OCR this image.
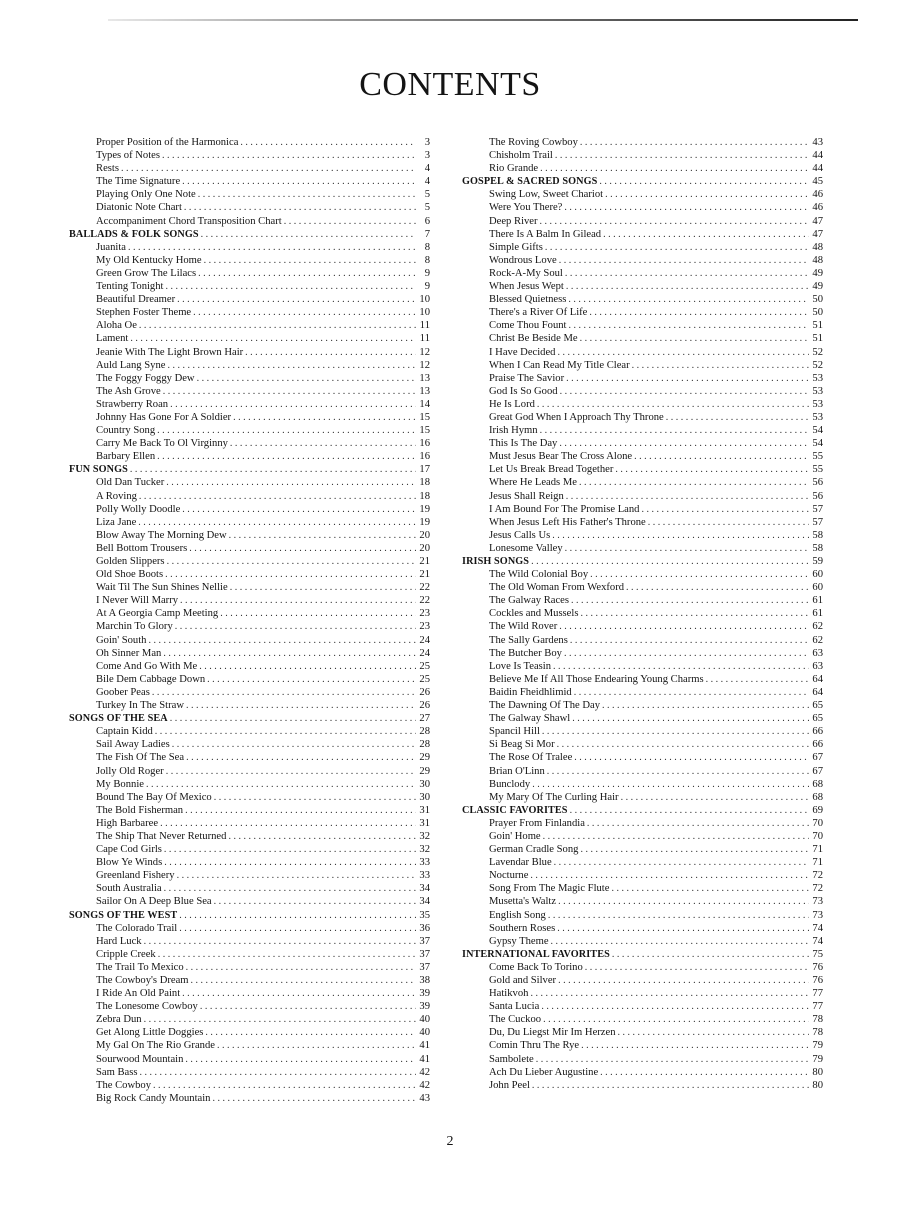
CONTENTS
Proper Position of the Harmonica . . .	3
Types of Notes . . .	3
Rests . . .	4
The Time Signature . . .	4
Playing Only One Note . . .	5
Diatonic Note Chart . . .	5
Accompaniment Chord Transposition Chart . . .	6
BALLADS & FOLK SONGS . . .	7
Juanita . . .	8
My Old Kentucky Home . . .	8
Green Grow The Lilacs . . .	9
Tenting Tonight . . .	9
Beautiful Dreamer . . .	10
Stephen Foster Theme . . .	10
Aloha Oe . . .	11
Lament . . .	11
Jeanie With The Light Brown Hair . . .	12
Auld Lang Syne . . .	12
The Foggy Foggy Dew . . .	13
The Ash Grove . . .	13
Strawberry Roan . . .	14
Johnny Has Gone For A Soldier . . .	15
Country Song . . .	15
Carry Me Back To Ol Virginny . . .	16
Barbary Ellen . . .	16
FUN SONGS . . .	17
Old Dan Tucker . . .	18
A Roving . . .	18
Polly Wolly Doodle . . .	19
Liza Jane . . .	19
Blow Away The Morning Dew . . .	20
Bell Bottom Trousers . . .	20
Golden Slippers . . .	21
Old Shoe Boots . . .	21
Wait Til The Sun Shines Nellie . . .	22
I Never Will Marry . . .	22
At A Georgia Camp Meeting . . .	23
Marchin To Glory . . .	23
Goin' South . . .	24
Oh Sinner Man . . .	24
Come And Go With Me . . .	25
Bile Dem Cabbage Down . . .	25
Goober Peas . . .	26
Turkey In The Straw . . .	26
SONGS OF THE SEA . . .	27
Captain Kidd . . .	28
Sail Away Ladies . . .	28
The Fish Of The Sea . . .	29
Jolly Old Roger . . .	29
My Bonnie . . .	30
Bound The Bay Of Mexico . . .	30
The Bold Fisherman . . .	31
High Barbaree . . .	31
The Ship That Never Returned . . .	32
Cape Cod Girls . . .	32
Blow Ye Winds . . .	33
Greenland Fishery . . .	33
South Australia . . .	34
Sailor On A Deep Blue Sea . . .	34
SONGS OF THE WEST . . .	35
The Colorado Trail . . .	36
Hard Luck . . .	37
Cripple Creek . . .	37
The Trail To Mexico . . .	37
The Cowboy's Dream . . .	38
I Ride An Old Paint . . .	39
The Lonesome Cowboy . . .	39
Zebra Dun . . .	40
Get Along Little Doggies . . .	40
My Gal On The Rio Grande . . .	41
Sourwood Mountain . . .	41
Sam Bass . . .	42
The Cowboy . . .	42
Big Rock Candy Mountain . . .	43
The Roving Cowboy . . .	43
Chisholm Trail . . .	44
Rio Grande . . .	44
GOSPEL & SACRED SONGS . . .	45
Swing Low, Sweet Chariot . . .	46
Were You There? . . .	46
Deep River . . .	47
There Is A Balm In Gilead . . .	47
Simple Gifts . . .	48
Wondrous Love . . .	48
Rock-A-My Soul . . .	49
When Jesus Wept . . .	49
Blessed Quietness . . .	50
There's a River Of Life . . .	50
Come Thou Fount . . .	51
Christ Be Beside Me . . .	51
I Have Decided . . .	52
When I Can Read My Title Clear . . .	52
Praise The Savior . . .	53
God Is So Good . . .	53
He Is Lord . . .	53
Great God When I Approach Thy Throne . . .	53
Irish Hymn . . .	54
This Is The Day . . .	54
Must Jesus Bear The Cross Alone . . .	55
Let Us Break Bread Together . . .	55
Where He Leads Me . . .	56
Jesus Shall Reign . . .	56
I Am Bound For The Promise Land . . .	57
When Jesus Left His Father's Throne . . .	57
Jesus Calls Us . . .	58
Lonesome Valley . . .	58
IRISH SONGS . . .	59
The Wild Colonial Boy . . .	60
The Old Woman From Wexford . . .	60
The Galway Races . . .	61
Cockles and Mussels . . .	61
The Wild Rover . . .	62
The Sally Gardens . . .	62
The Butcher Boy . . .	63
Love Is Teasin . . .	63
Believe Me If All Those Endearing Young Charms . . .	64
Baidin Fheidhlimid . . .	64
The Dawning Of The Day . . .	65
The Galway Shawl . . .	65
Spancil Hill . . .	66
Si Beag Si Mor . . .	66
The Rose Of Tralee . . .	67
Brian O'Linn . . .	67
Bunclody . . .	68
My Mary Of The Curling Hair . . .	68
CLASSIC FAVORITES . . .	69
Prayer From Finlandia . . .	70
Goin' Home . . .	70
German Cradle Song . . .	71
Lavendar Blue . . .	71
Nocturne . . .	72
Song From The Magic Flute . . .	72
Musetta's Waltz . . .	73
English Song . . .	73
Southern Roses . . .	74
Gypsy Theme . . .	74
INTERNATIONAL FAVORITES . . .	75
Come Back To Torino . . .	76
Gold and Silver . . .	76
Hatikvoh . . .	77
Santa Lucia . . .	77
The Cuckoo . . .	78
Du, Du Liegst Mir Im Herzen . . .	78
Comin Thru The Rye . . .	79
Sambolete . . .	79
Ach Du Lieber Augustine . . .	80
John Peel . . .	80
2
